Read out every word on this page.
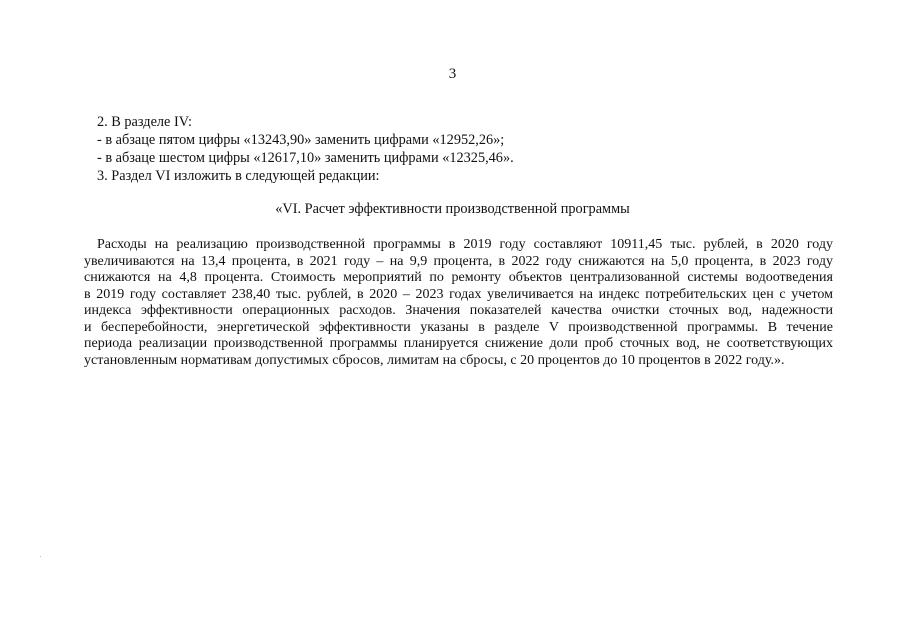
3
2. В разделе IV:
- в абзаце пятом цифры «13243,90» заменить цифрами «12952,26»;
- в абзаце шестом цифры «12617,10» заменить цифрами «12325,46».
3. Раздел VI изложить в следующей редакции:
«VI. Расчет эффективности производственной программы
Расходы на реализацию производственной программы в 2019 году составляют 10911,45 тыс. рублей, в 2020 году
увеличиваются на 13,4 процента, в 2021 году – на 9,9 процента, в 2022 году снижаются на 5,0 процента, в 2023 году
снижаются на 4,8 процента. Стоимость мероприятий по ремонту объектов централизованной системы водоотведения
в 2019 году составляет 238,40 тыс. рублей, в 2020 – 2023 годах увеличивается на индекс потребительских цен с учетом
индекса эффективности операционных расходов. Значения показателей качества очистки сточных вод, надежности
и бесперебойности, энергетической эффективности указаны в разделе V производственной программы. В течение
периода реализации производственной программы планируется снижение доли проб сточных вод, не соответствующих
установленным нормативам допустимых сбросов, лимитам на сбросы, с 20 процентов до 10 процентов в 2022 году.».
